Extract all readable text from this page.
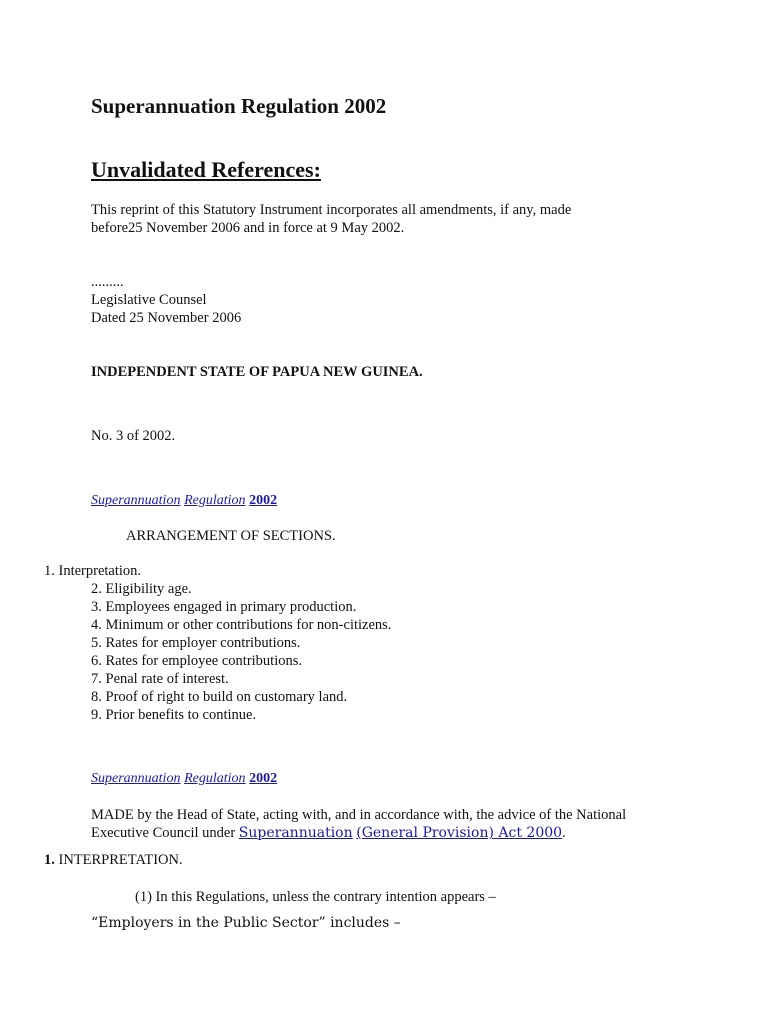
Superannuation Regulation 2002
Unvalidated References:
This reprint of this Statutory Instrument incorporates all amendments, if any, made
before25 November 2006 and in force at 9 May 2002.
.........
Legislative Counsel
Dated 25 November 2006
INDEPENDENT STATE OF PAPUA NEW GUINEA.
No. 3 of 2002.
Superannuation Regulation 2002
ARRANGEMENT OF SECTIONS.
1. Interpretation.
2. Eligibility age.
3. Employees engaged in primary production.
4. Minimum or other contributions for non-citizens.
5. Rates for employer contributions.
6. Rates for employee contributions.
7. Penal rate of interest.
8. Proof of right to build on customary land.
9. Prior benefits to continue.
Superannuation Regulation 2002
MADE by the Head of State, acting with, and in accordance with, the advice of the National
Executive Council under Superannuation (General Provision) Act 2000.
1. INTERPRETATION.
(1) In this Regulations, unless the contrary intention appears –
“Employers in the Public Sector” includes –
